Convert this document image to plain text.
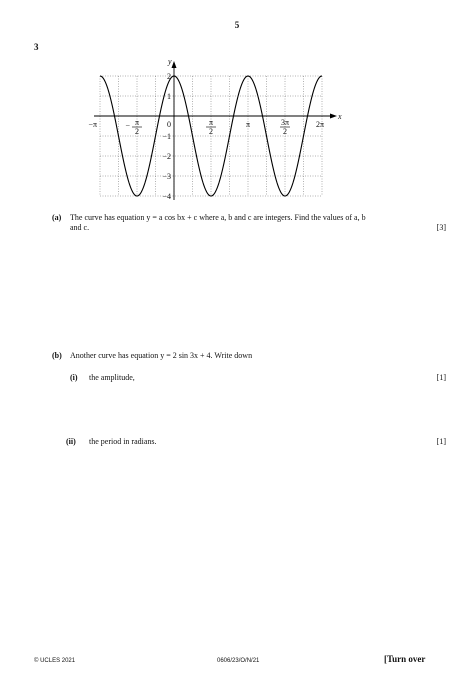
5
3
x
y
2
1
−1
−2
−3
−4
−π	− π
2
0	π
2
π	3π
2
2π
(a) The curve has equation y = a cos bx + c where a, b and c are integers. Find the values of a, b
and c.	[3]
(b) Another curve has equation y = 2 sin 3x + 4. Write down
(i) the amplitude,	[1]
(ii) the period in radians.	[1]
© UCLES 2021	0606/23/O/N/21	[Turn over
